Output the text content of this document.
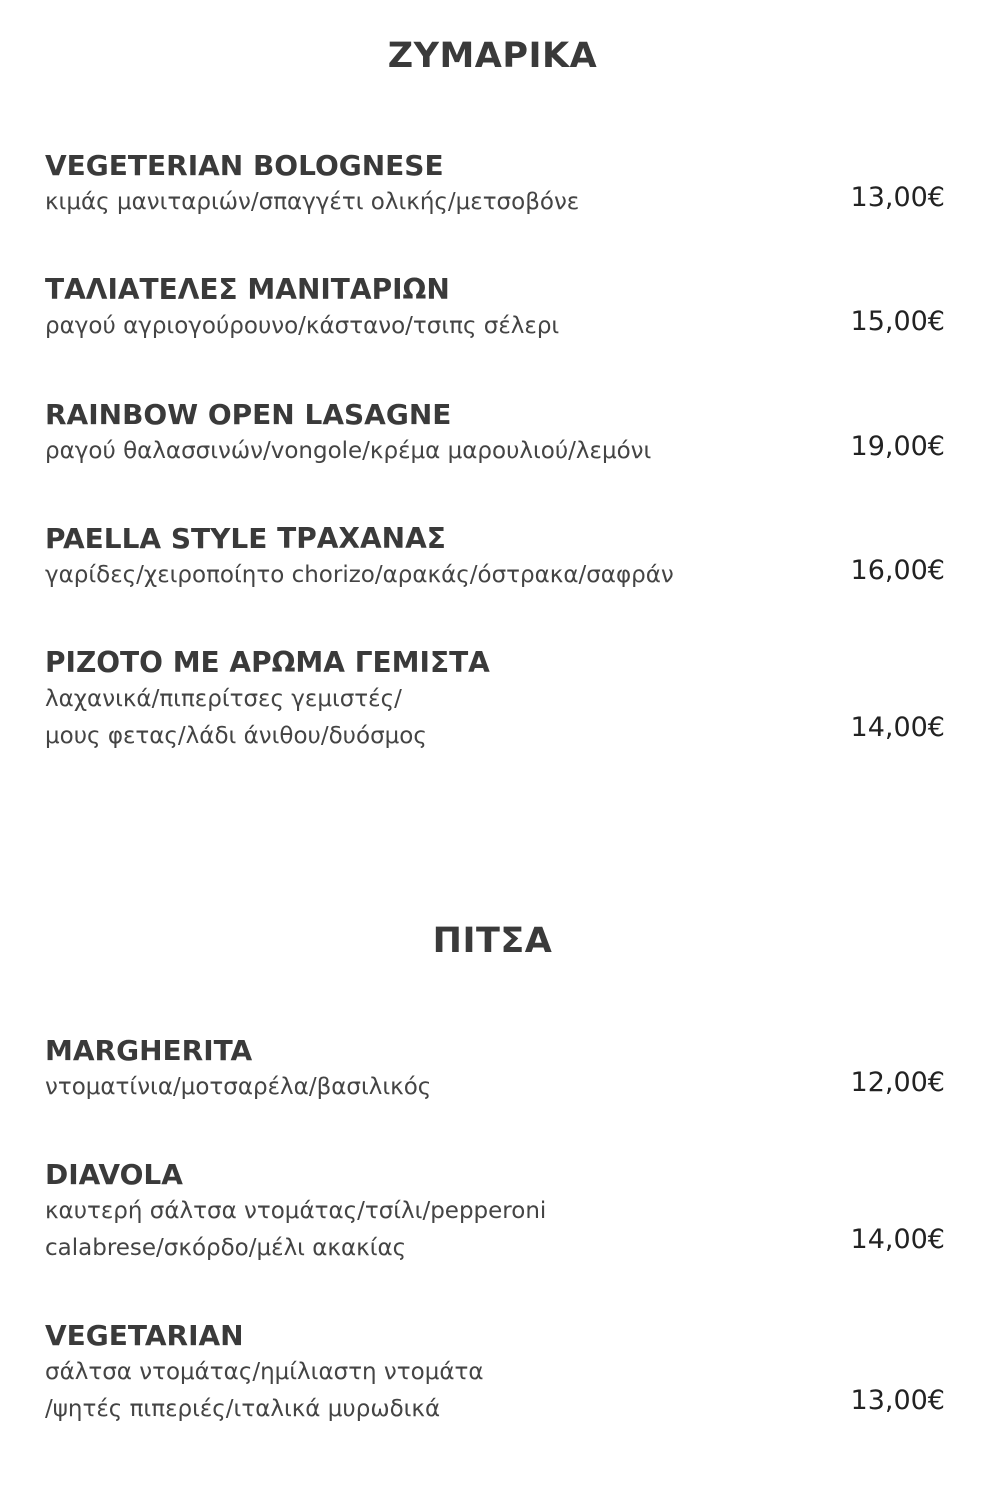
ΖΥΜΑΡΙΚΑ
VEGETERIAN BOLOGNESE
κιμάς μανιταριών/σπαγγέτι ολικής/μετσοβόνε	13,00€
ΤΑΛΙΑΤΕΛΕΣ ΜΑΝΙΤΑΡΙΩΝ
ραγού αγριογούρουνο/κάστανο/τσιπς σέλερι	15,00€
RAINBOW OPEN LASAGNE
ραγού θαλασσινών/vongole/κρέμα μαρουλιού/λεμόνι	19,00€
PAELLA STYLE ΤΡΑΧΑΝΑΣ
γαρίδες/χειροποίητο chorizo/αρακάς/όστρακα/σαφράν	16,00€
ΡΙΖΟΤΟ ΜΕ ΑΡΩΜΑ ΓΕΜΙΣΤΑ
λαχανικά/πιπερίτσες γεμιστές/
μους φετας/λάδι άνιθου/δυόσμος	14,00€
ΠΙΤΣΑ
MARGHERITA
ντοματίνια/μοτσαρέλα/βασιλικός	12,00€
DIAVOLA
καυτερή σάλτσα ντομάτας/τσίλι/pepperoni
calabrese/σκόρδο/μέλι ακακίας	14,00€
VEGETARIAN
σάλτσα ντομάτας/ημίλιαστη ντομάτα
/ψητές πιπεριές/ιταλικά μυρωδικά	13,00€
